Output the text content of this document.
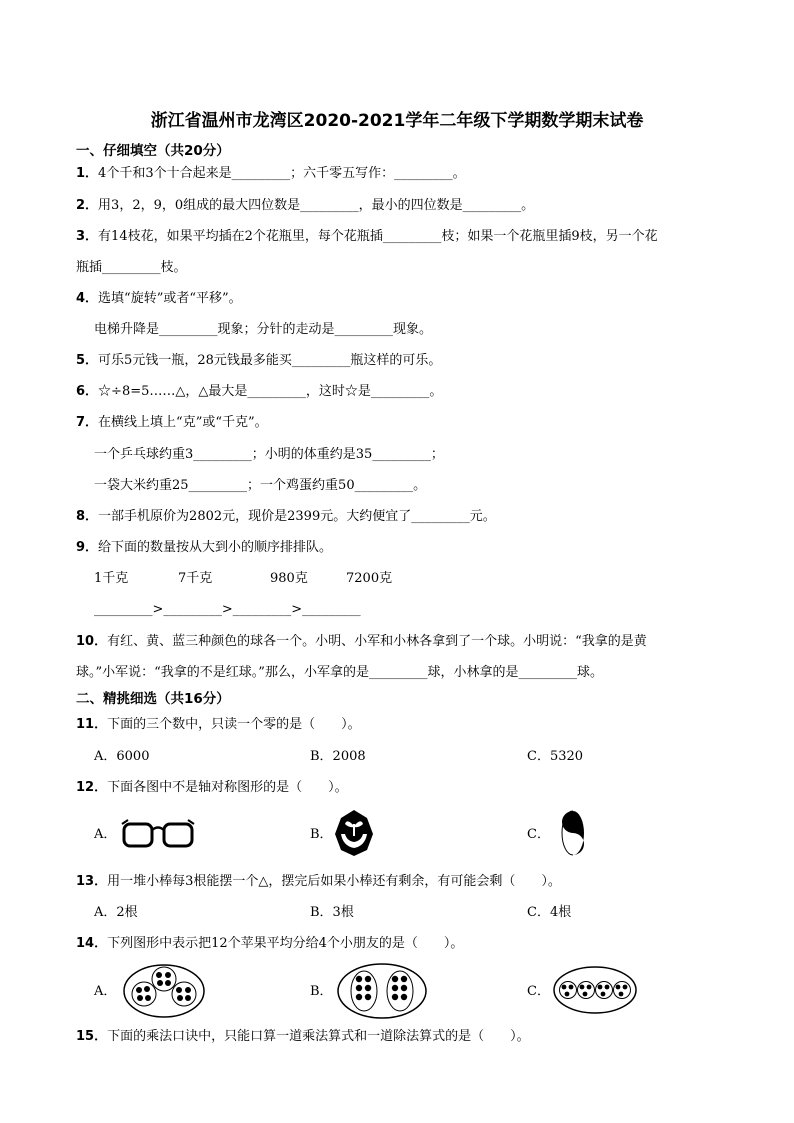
浙江省温州市龙湾区2020-2021学年二年级下学期数学期末试卷
一、仔细填空（共20分）
1．4个千和3个十合起来是_________；六千零五写作：_________。
2．用3，2，9，0组成的最大四位数是_________，最小的四位数是_________。
3．有14枝花，如果平均插在2个花瓶里，每个花瓶插_________枝；如果一个花瓶里插9枝，另一个花
瓶插_________枝。
4．选填“旋转”或者“平移”。
电梯升降是_________现象；分针的走动是_________现象。
5．可乐5元钱一瓶，28元钱最多能买_________瓶这样的可乐。
6．☆÷8=5……△，△最大是_________，这时☆是_________。
7．在横线上填上“克”或“千克”。
一个乒乓球约重3_________；小明的体重约是35_________；
一袋大米约重25_________；一个鸡蛋约重50_________。
8．一部手机原价为2802元，现价是2399元。大约便宜了_________元。
9．给下面的数量按从大到小的顺序排排队。
1千克	7千克	980克	7200克
_________>_________>_________>_________
10．有红、黄、蓝三种颜色的球各一个。小明、小军和小林各拿到了一个球。小明说：“我拿的是黄
球。”小军说：“我拿的不是红球。”那么，小军拿的是_________球，小林拿的是_________球。
二、精挑细选（共16分）
11．下面的三个数中，只读一个零的是（　　）。
A．6000	B．2008	C．5320
12．下面各图中不是轴对称图形的是（　　）。
A．	B．	C．
13．用一堆小棒每3根能摆一个△，摆完后如果小棒还有剩余，有可能会剩（　　）。
A．2根	B．3根	C．4根
14．下列图形中表示把12个苹果平均分给4个小朋友的是（　　）。
A．	B．	C．
15．下面的乘法口诀中，只能口算一道乘法算式和一道除法算式的是（　　）。
